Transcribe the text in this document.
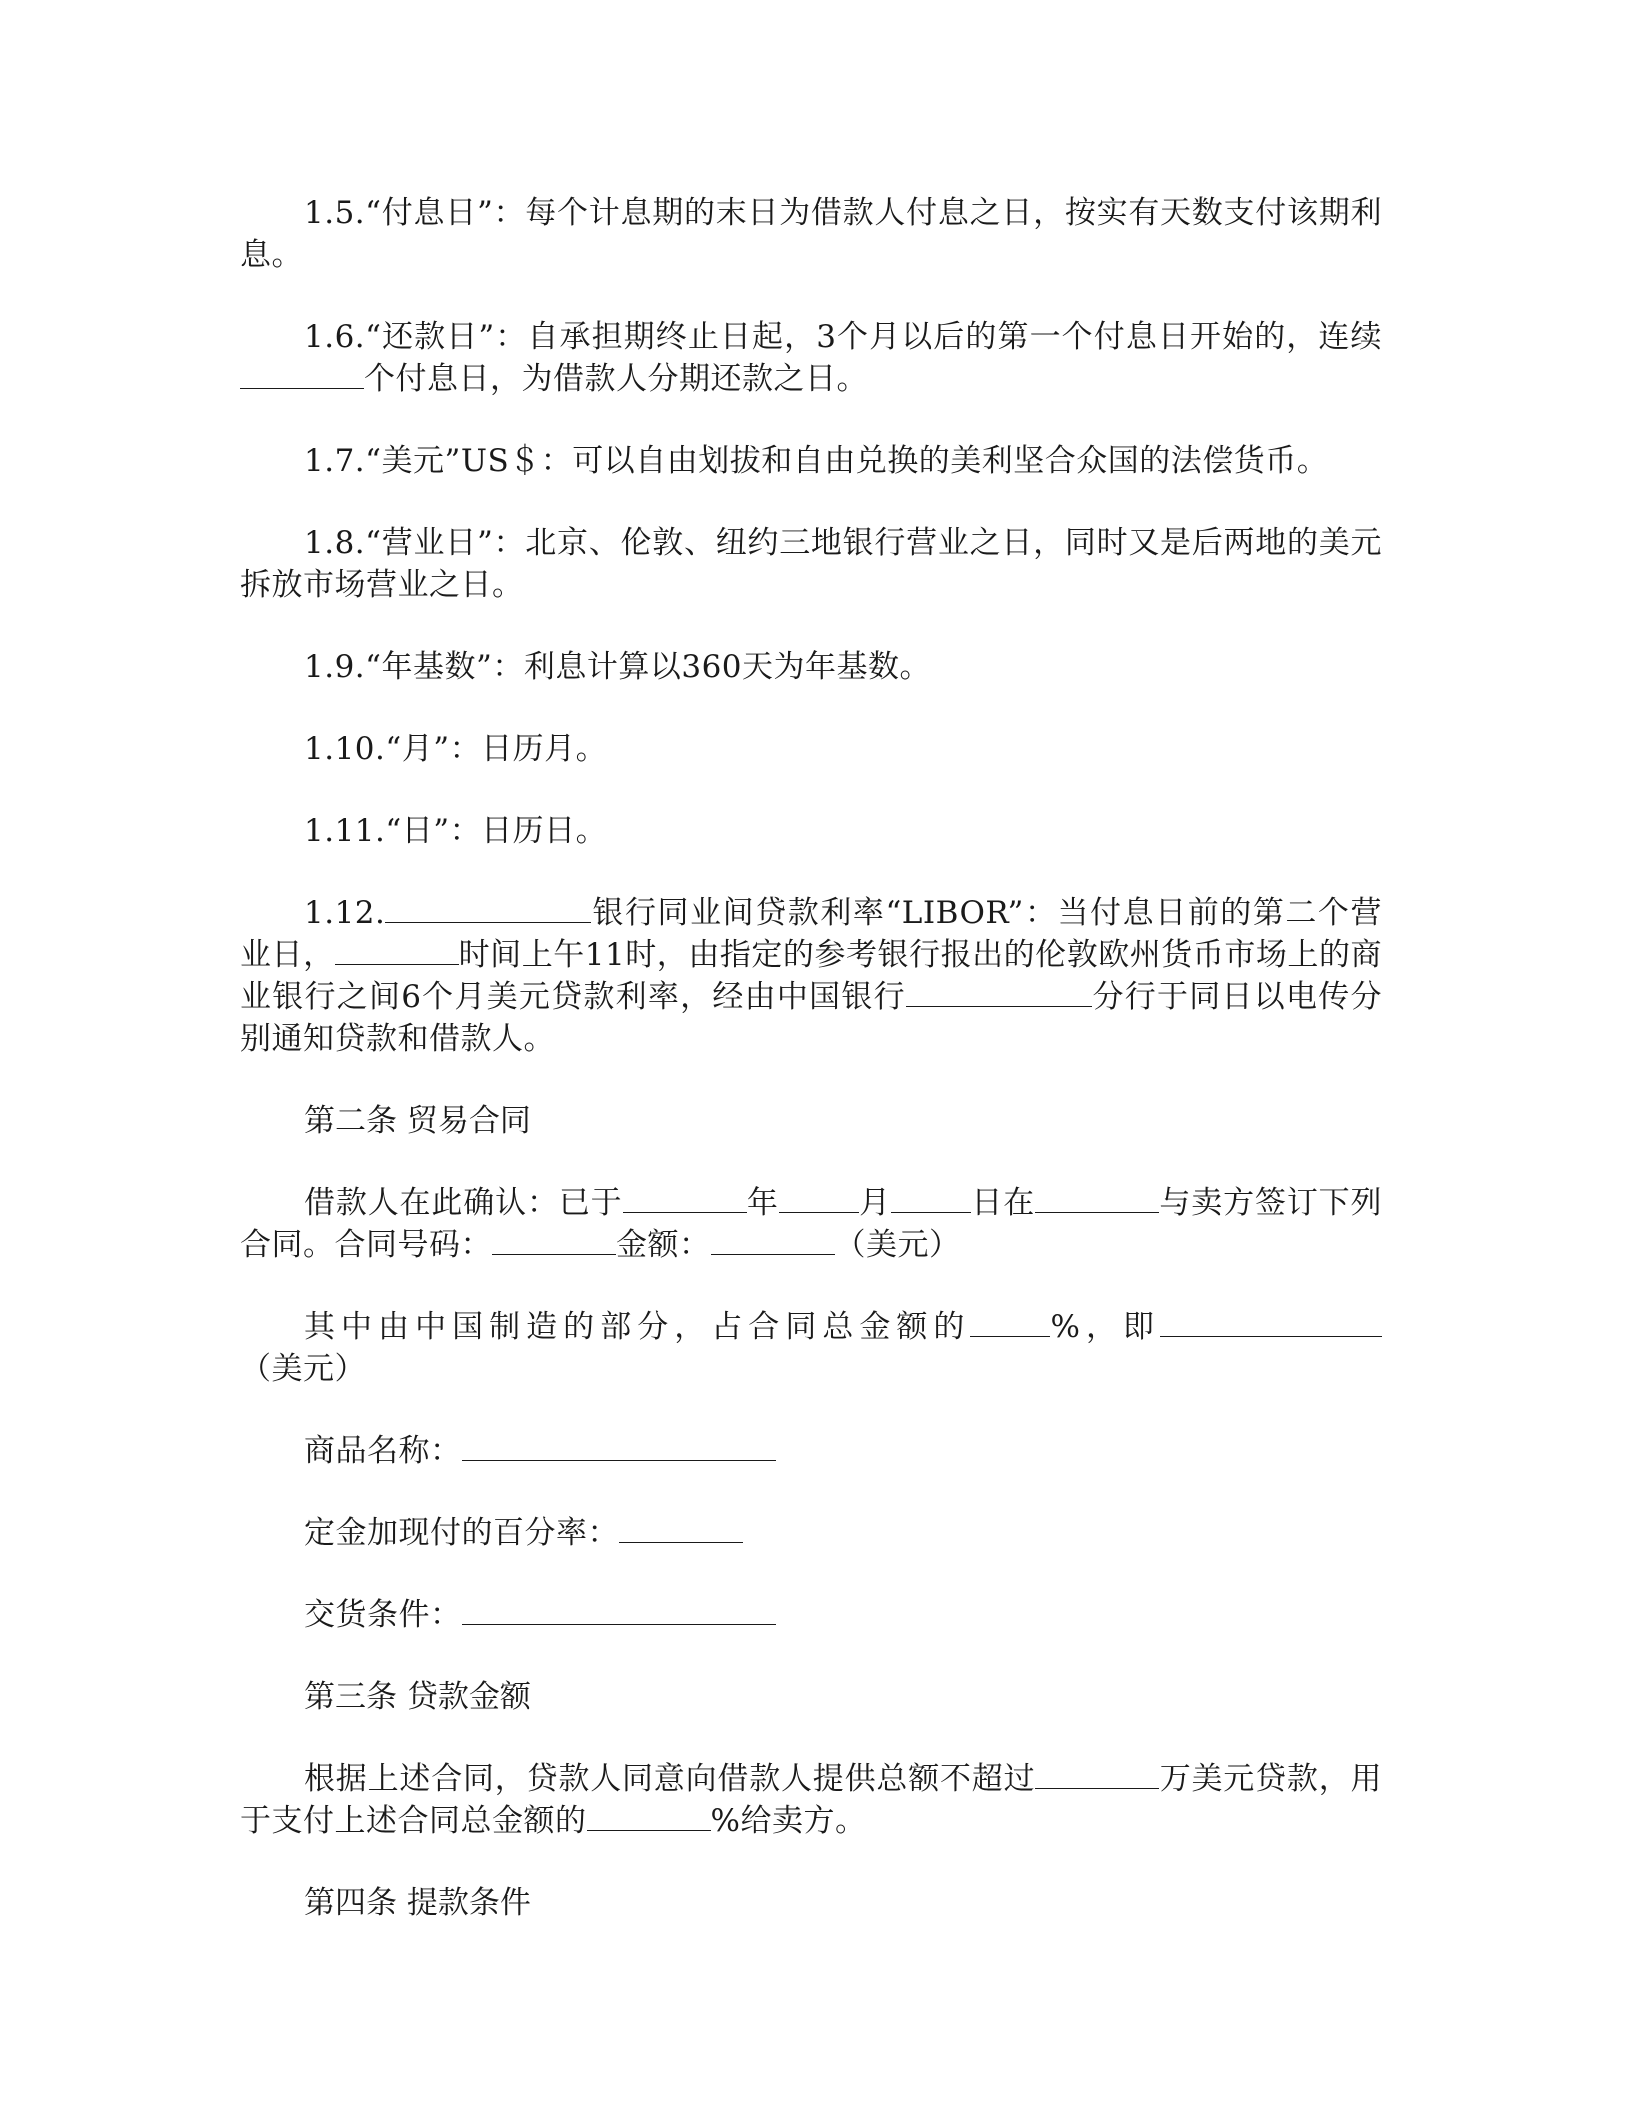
1.5.“付息日”：每个计息期的末日为借款人付息之日，按实有天数支付该期利息。

1.6.“还款日”：自承担期终止日起，3个月以后的第一个付息日开始的，连续个付息日，为借款人分期还款之日。

1.7.“美元”US＄：可以自由划拔和自由兑换的美利坚合众国的法偿货币。

1.8.“营业日”：北京、伦敦、纽约三地银行营业之日，同时又是后两地的美元拆放市场营业之日。

1.9.“年基数”：利息计算以360天为年基数。

1.10.“月”：日历月。

1.11.“日”：日历日。

1.12.	银行同业间贷款利率“LIBOR”：当付息日前的第二个营业日，	时间上午11时，由指定的参考银行报出的伦敦欧州货币市场上的商业银行之间6个月美元贷款利率，经由中国银行	分行于同日以电传分别通知贷款和借款人。

第二条 贸易合同

借款人在此确认：已于	年	月	日在	与卖方签订下列合同。合同号码：	金额：	（美元）

其中由中国制造的部分，占合同总金额的	%，即（美元）

商品名称：

定金加现付的百分率：

交货条件：

第三条 贷款金额

根据上述合同，贷款人同意向借款人提供总额不超过	万美元贷款，用于支付上述合同总金额的	%给卖方。

第四条 提款条件
